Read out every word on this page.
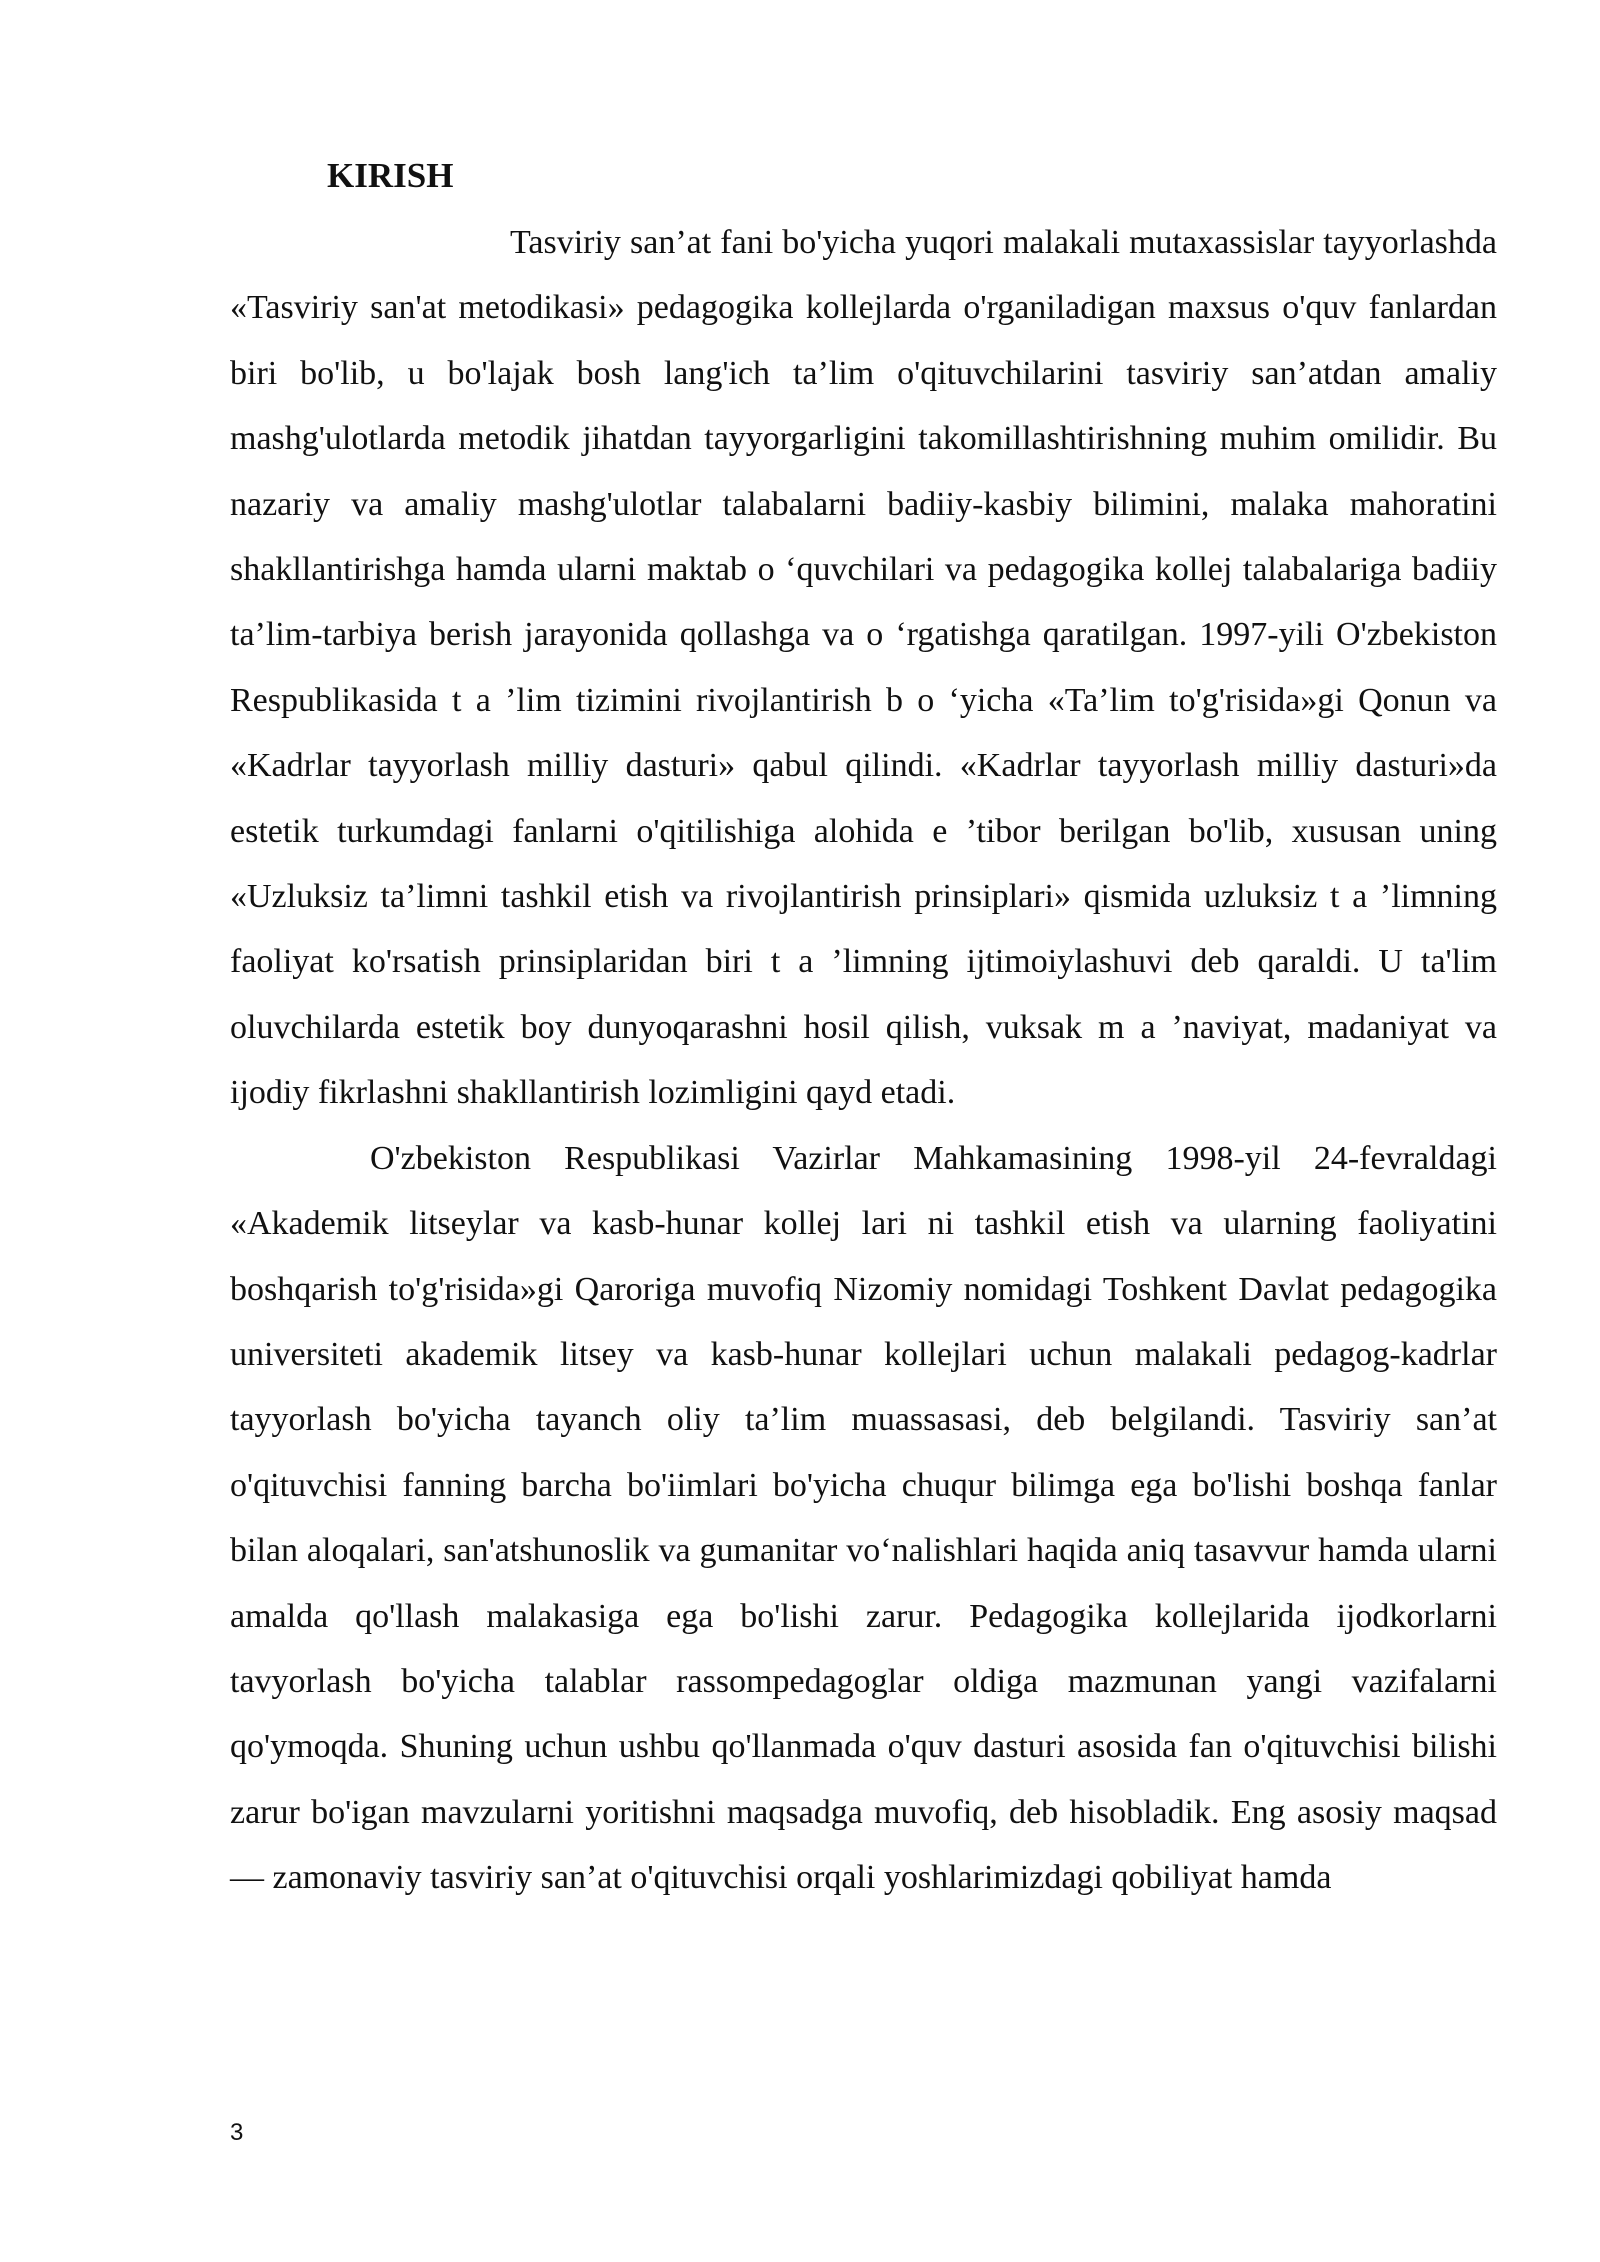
KIRISH

Tasviriy san’at fani bo'yicha yuqori malakali mutaxassislar tayyorlashda «Tasviriy san'at metodikasi» pedagogika kollejlarda o'rganiladigan maxsus o'quv fanlardan biri bo'lib, u bo'lajak bosh lang'ich ta’lim o'qituvchilarini tasviriy san’atdan amaliy mashg'ulotlarda metodik jihatdan tayyorgarligini takomillashtirishning muhim omilidir. Bu nazariy va amaliy mashg'ulotlar talabalarni badiiy-kasbiy bilimini, malaka mahoratini shakllantirishga hamda ularni maktab o ‘quvchilari va pedagogika kollej talabalariga badiiy ta’lim-tarbiya berish jarayonida qollashga va o ‘rgatishga qaratilgan. 1997-yili O'zbekiston Respublikasida t a ’lim tizimini rivojlantirish b o ‘yicha «Ta’lim to'g'risida»gi Qonun va «Kadrlar tayyorlash milliy dasturi» qabul qilindi. «Kadrlar tayyorlash milliy dasturi»da estetik turkumdagi fanlarni o'qitilishiga alohida e ’tibor berilgan bo'lib, xususan uning «Uzluksiz ta’limni tashkil etish va rivojlantirish prinsiplari» qismida uzluksiz t a ’limning faoliyat ko'rsatish prinsiplaridan biri t a ’limning ijtimoiylashuvi deb qaraldi. U ta'lim oluvchilarda estetik boy dunyoqarashni hosil qilish, vuksak m a ’naviyat, madaniyat va ijodiy fikrlashni shakllantirish lozimligini qayd etadi.

O'zbekiston Respublikasi Vazirlar Mahkamasining 1998-yil 24-fevraldagi «Akademik litseylar va kasb-hunar kollej lari ni tashkil etish va ularning faoliyatini boshqarish to'g'risida»gi Qaroriga muvofiq Nizomiy nomidagi Toshkent Davlat pedagogika universiteti akademik litsey va kasb-hunar kollejlari uchun malakali pedagog-kadrlar tayyorlash bo'yicha tayanch oliy ta’lim muassasasi, deb belgilandi. Tasviriy san’at o'qituvchisi fanning barcha bo'iimlari bo'yicha chuqur bilimga ega bo'lishi boshqa fanlar bilan aloqalari, san'atshunoslik va gumanitar vo‘nalishlari haqida aniq tasavvur hamda ularni amalda qo'llash malakasiga ega bo'lishi zarur. Pedagogika kollejlarida ijodkorlarni tavyorlash bo'yicha talablar rassompedagoglar oldiga mazmunan yangi vazifalarni qo'ymoqda. Shuning uchun ushbu qo'llanmada o'quv dasturi asosida fan o'qituvchisi bilishi zarur bo'igan mavzularni yoritishni maqsadga muvofiq, deb hisobladik. Eng asosiy maqsad — zamonaviy tasviriy san’at o'qituvchisi orqali yoshlarimizdagi qobiliyat hamda

3
